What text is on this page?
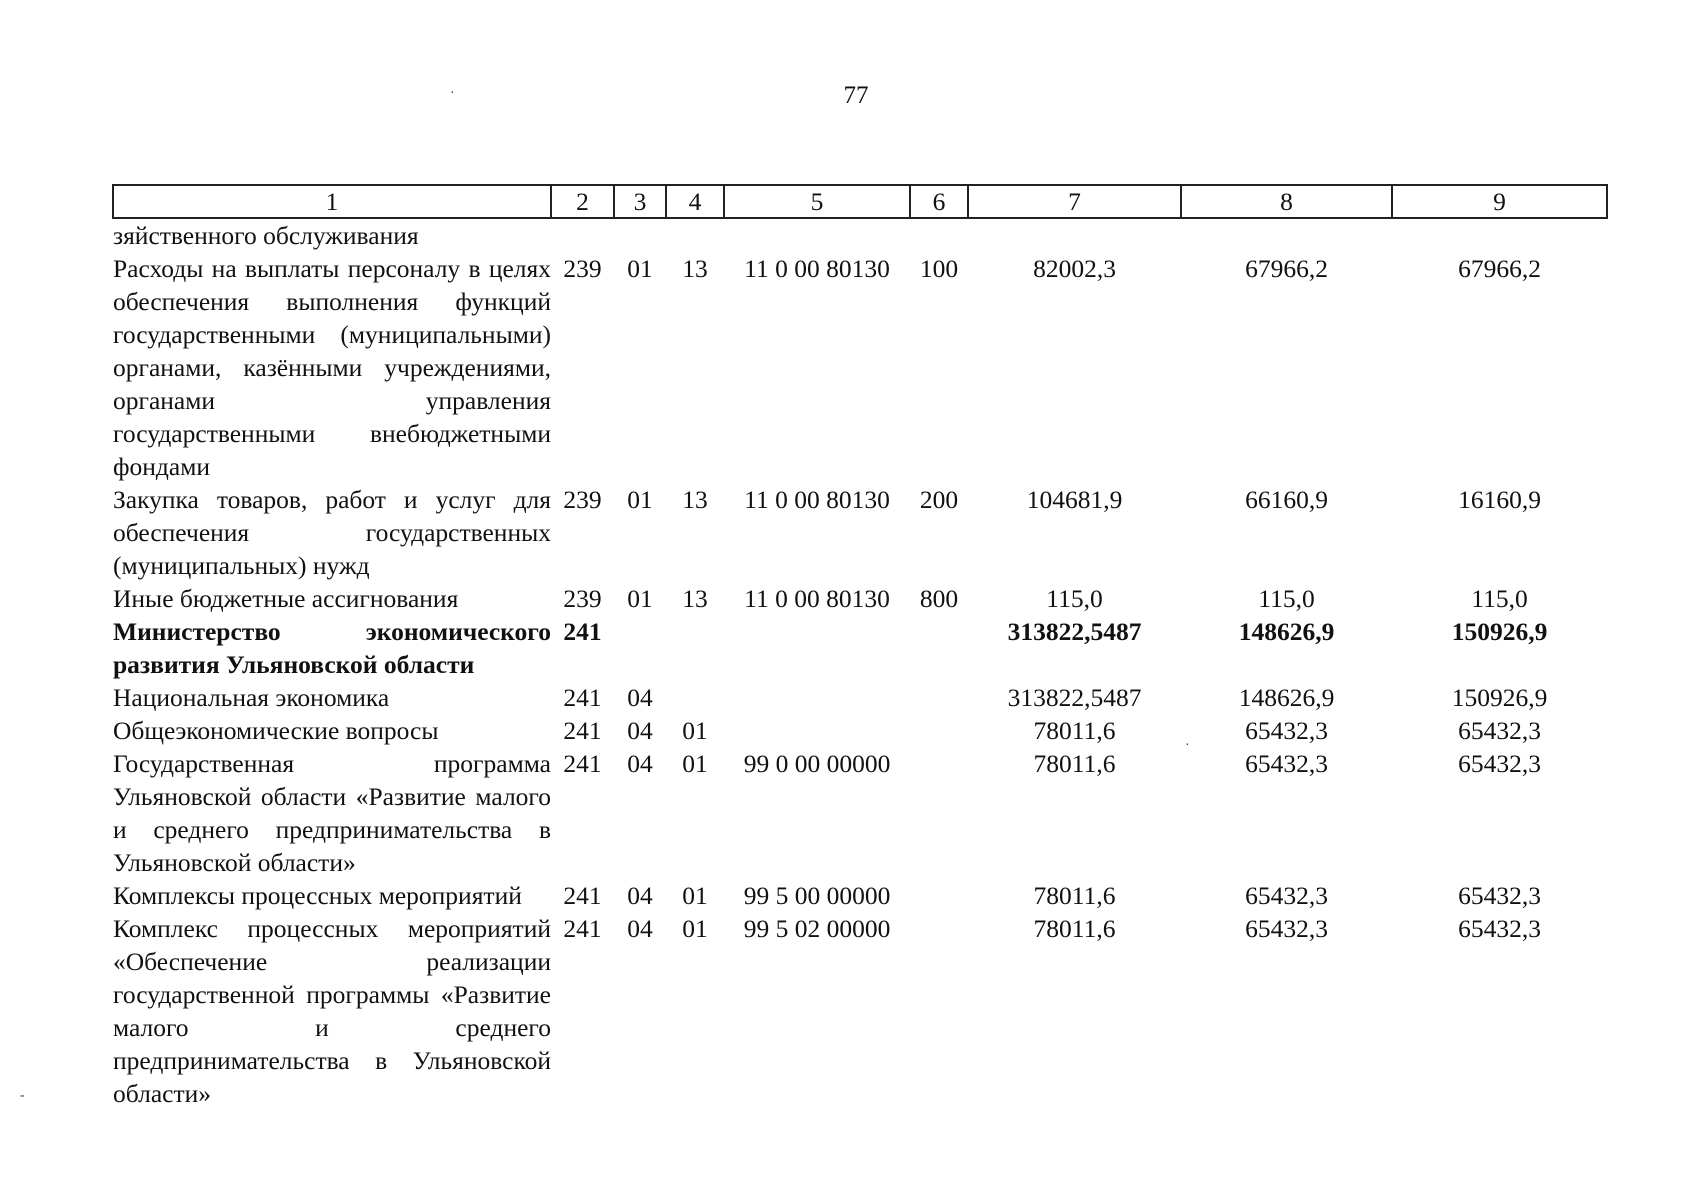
77
·
·
-
1	2	3	4	5	6	7	8	9
зяйственного обслуживания								
Расходы на выплаты персоналу в целях обеспечения выполнения функций государственными (муниципальными) органами, казёнными учреждениями, органами управления государственными внебюджетными фондами	239	01	13	11 0 00 80130	100	82002,3	67966,2	67966,2
Закупка товаров, работ и услуг для обеспечения государственных (муниципальных) нужд	239	01	13	11 0 00 80130	200	104681,9	66160,9	16160,9
Иные бюджетные ассигнования	239	01	13	11 0 00 80130	800	115,0	115,0	115,0
Министерство экономического развития Ульяновской области	241					313822,5487	148626,9	150926,9
Национальная экономика	241	04				313822,5487	148626,9	150926,9
Общеэкономические вопросы	241	04	01			78011,6	65432,3	65432,3
Государственная программа Ульяновской области «Развитие малого и среднего предпринимательства в Ульяновской области»	241	04	01	99 0 00 00000		78011,6	65432,3	65432,3
Комплексы процессных мероприятий	241	04	01	99 5 00 00000		78011,6	65432,3	65432,3
Комплекс процессных мероприятий «Обеспечение реализации государственной программы «Развитие малого и среднего предпринимательства в Ульяновской области»	241	04	01	99 5 02 00000		78011,6	65432,3	65432,3
